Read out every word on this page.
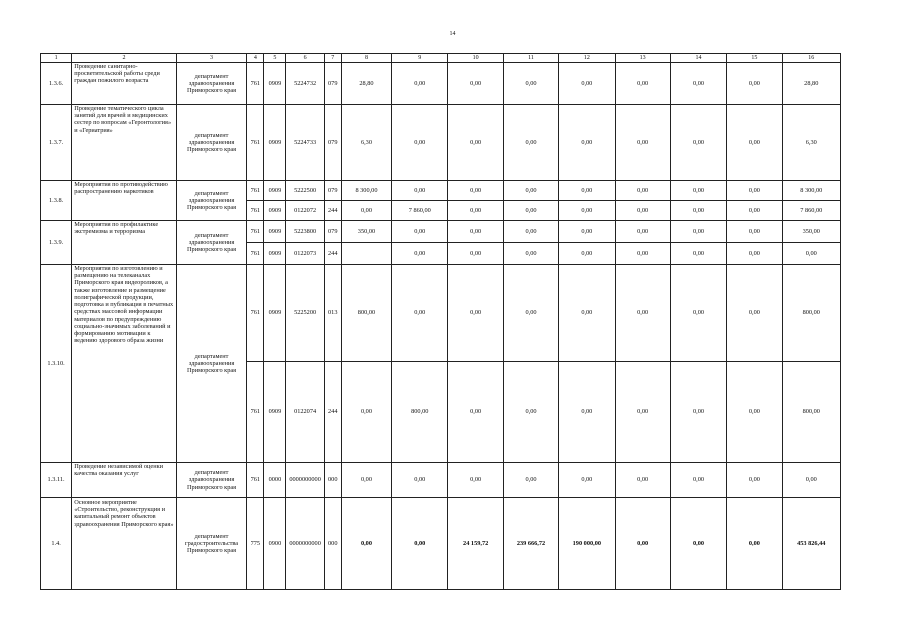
14
1	2	3	4	5	6	7	8	9	10	11	12	13	14	15	16
1.3.6.	Проведение санитарно-просветительской работы среди граждан пожилого возраста	департамент здравоохранения Приморского края	761	0909	5224732	079	28,80	0,00	0,00	0,00	0,00	0,00	0,00	0,00	28,80
1.3.7.	Проведение тематического цикла занятий для врачей и медицинских сестер по вопросам «Геронтология» и «Гериатрия»	департамент здравоохранения Приморского края	761	0909	5224733	079	6,30	0,00	0,00	0,00	0,00	0,00	0,00	0,00	6,30
1.3.8.	Мероприятия по противодействию распространению наркотиков	департамент здравоохранения Приморского края	761	0909	5222500	079	8 300,00	0,00	0,00	0,00	0,00	0,00	0,00	0,00	8 300,00
			761	0909	0122072	244	0,00	7 860,00	0,00	0,00	0,00	0,00	0,00	0,00	7 860,00
1.3.9.	Мероприятия по профилактике экстремизма и терроризма	департамент здравоохранения Приморского края	761	0909	5223800	079	350,00	0,00	0,00	0,00	0,00	0,00	0,00	0,00	350,00
			761	0909	0122073	244		0,00	0,00	0,00	0,00	0,00	0,00	0,00	0,00
1.3.10.	Мероприятия по изготовлению и размещению на телеканалах Приморского края видеороликов, а также изготовление и размещение полиграфической продукции, подготовка и публикация в печатных средствах массовой информации материалов по предупреждению социально-значимых заболеваний и формированию мотивации к ведению здорового образа жизни	департамент здравоохранения Приморского края	761	0909	5225200	013	800,00	0,00	0,00	0,00	0,00	0,00	0,00	0,00	800,00
			761	0909	0122074	244	0,00	800,00	0,00	0,00	0,00	0,00	0,00	0,00	800,00
1.3.11.	Проведение независимой оценки качества оказания услуг	департамент здравоохранения Приморского края	761	0000	0000000000	000	0,00	0,00	0,00	0,00	0,00	0,00	0,00	0,00	0,00
1.4.	Основное мероприятие «Строительство, реконструкция и капитальный ремонт объектов здравоохранения Приморского края»	департамент градостроительства Приморского края	775	0900	0000000000	000	0,00	0,00	24 159,72	239 666,72	190 000,00	0,00	0,00	0,00	453 826,44
